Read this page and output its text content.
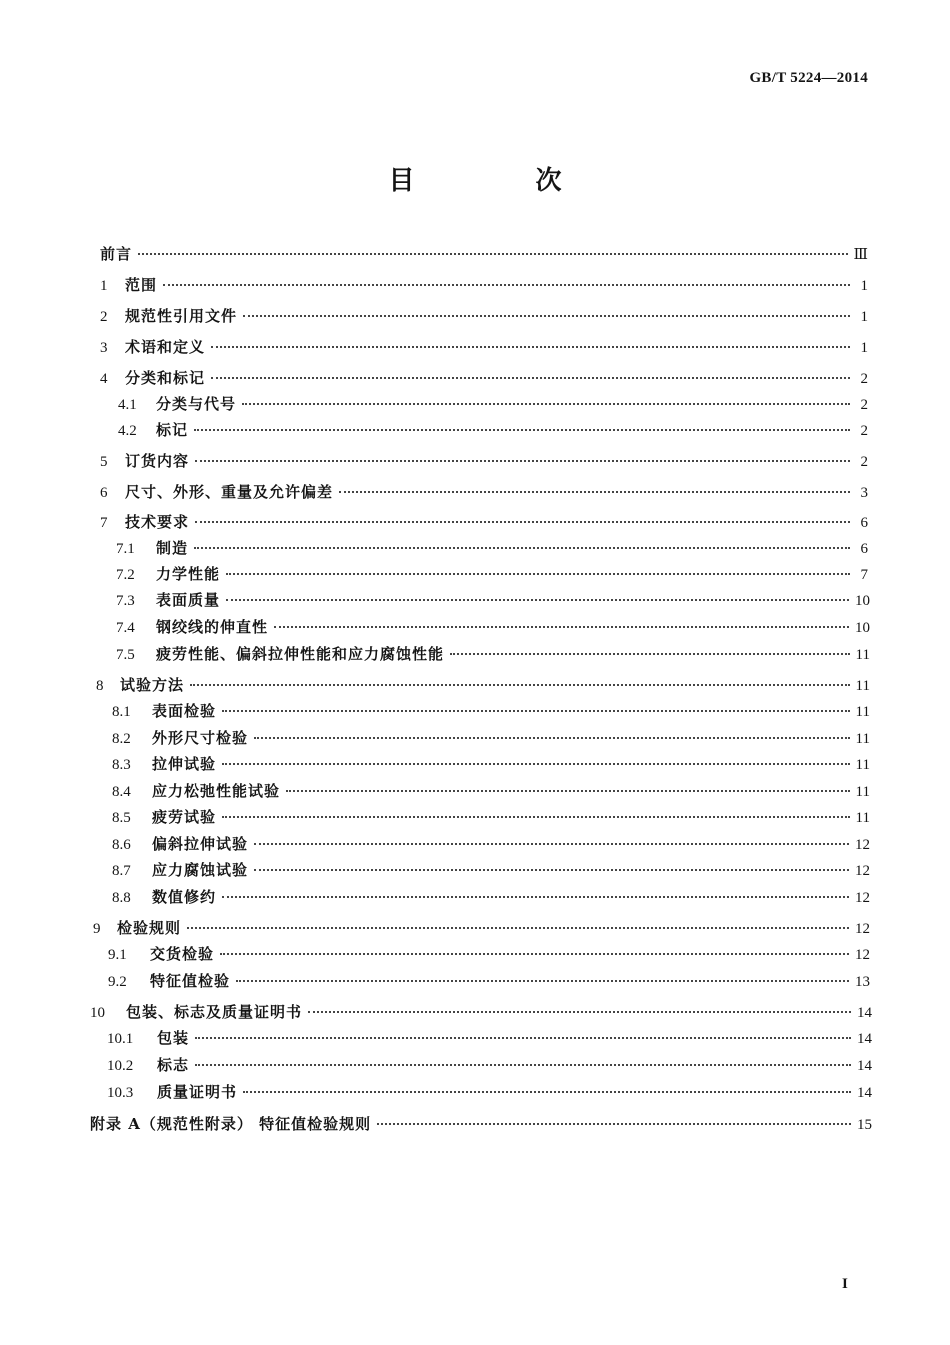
GB/T 5224—2014
目 次
前言	Ⅲ
1	范围	1
2	规范性引用文件	1
3	术语和定义	1
4	分类和标记	2
4.1	分类与代号	2
4.2	标记	2
5	订货内容	2
6	尺寸、外形、重量及允许偏差	3
7	技术要求	6
7.1	制造	6
7.2	力学性能	7
7.3	表面质量	10
7.4	钢绞线的伸直性	10
7.5	疲劳性能、偏斜拉伸性能和应力腐蚀性能	11
8	试验方法	11
8.1	表面检验	11
8.2	外形尺寸检验	11
8.3	拉伸试验	11
8.4	应力松弛性能试验	11
8.5	疲劳试验	11
8.6	偏斜拉伸试验	12
8.7	应力腐蚀试验	12
8.8	数值修约	12
9	检验规则	12
9.1	交货检验	12
9.2	特征值检验	13
10	包装、标志及质量证明书	14
10.1	包装	14
10.2	标志	14
10.3	质量证明书	14
附录 A（规范性附录） 特征值检验规则	15
I
